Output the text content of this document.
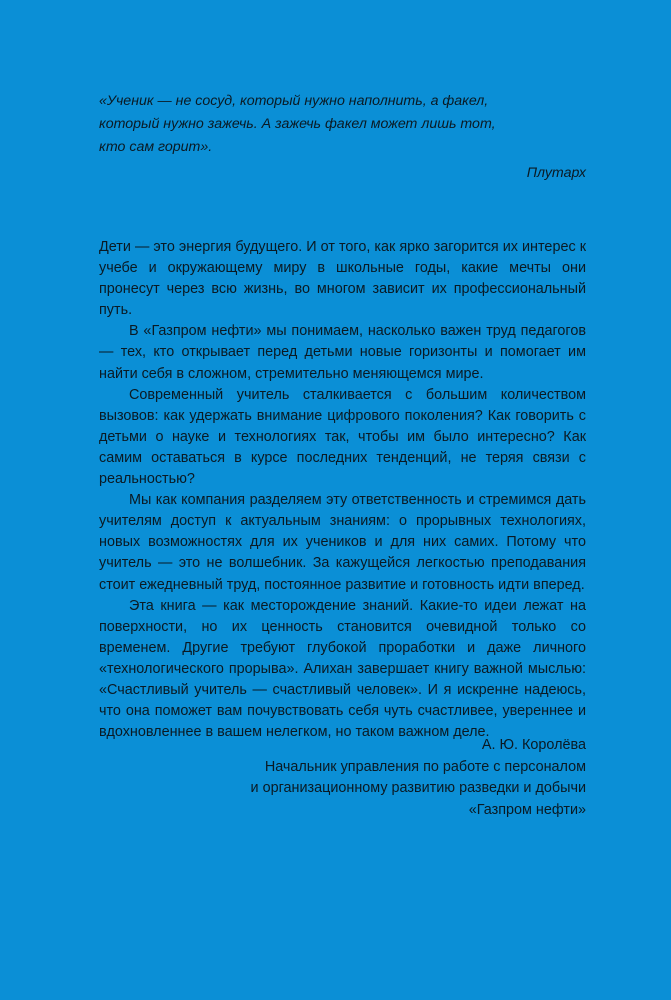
«Ученик — не сосуд, который нужно наполнить, а факел,

который нужно зажечь. А зажечь факел может лишь тот,

кто сам горит».

Плутарх

Дети — это энергия будущего. И от того, как ярко загорится их интерес к учебе и окружающему миру в школьные годы, какие мечты они пронесут через всю жизнь, во многом зависит их профессиональный путь.

В «Газпром нефти» мы понимаем, насколько важен труд педагогов — тех, кто открывает перед детьми новые горизонты и помогает им найти себя в сложном, стремительно меняющемся мире.

Современный учитель сталкивается с большим количеством вызовов: как удержать внимание цифрового поколения? Как говорить с детьми о науке и технологиях так, чтобы им было интересно? Как самим оставаться в курсе последних тенденций, не теряя связи с реальностью?

Мы как компания разделяем эту ответственность и стремимся дать учителям доступ к актуальным знаниям: о прорывных технологиях, новых возможностях для их учеников и для них самих. Потому что учитель — это не волшебник. За кажущейся легкостью преподавания стоит ежедневный труд, постоянное развитие и готовность идти вперед.

Эта книга — как месторождение знаний. Какие-то идеи лежат на поверхности, но их ценность становится очевидной только со временем. Другие требуют глубокой проработки и даже личного «технологического прорыва». Алихан завершает книгу важной мыслью: «Счастливый учитель — счастливый человек». И я искренне надеюсь, что она поможет вам почувствовать себя чуть счастливее, увереннее и вдохновленнее в вашем нелегком, но таком важном деле.

А. Ю. Королёва
Начальник управления по работе с персоналом
и организационному развитию разведки и добычи
«Газпром нефти»
